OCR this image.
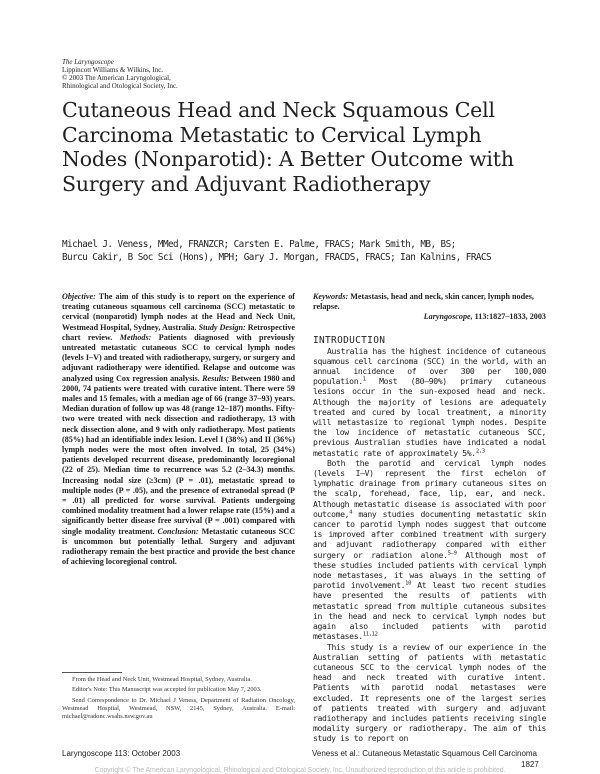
The Laryngoscope
Lippincott Williams & Wilkins, Inc.
© 2003 The American Laryngological,
Rhinological and Otological Society, Inc.
Cutaneous Head and Neck Squamous Cell
Carcinoma Metastatic to Cervical Lymph
Nodes (Nonparotid): A Better Outcome with
Surgery and Adjuvant Radiotherapy
Michael J. Veness, MMed, FRANZCR; Carsten E. Palme, FRACS; Mark Smith, MB, BS;
Burcu Cakir, B Soc Sci (Hons), MPH; Gary J. Morgan, FRACDS, FRACS; Ian Kalnins, FRACS
Objective: The aim of this study is to report on the experience of treating cutaneous squamous cell carcinoma (SCC) metastatic to cervical (nonparotid) lymph nodes at the Head and Neck Unit, Westmead Hospital, Sydney, Australia. Study Design: Retrospective chart review. Methods: Patients diagnosed with previously untreated metastatic cutaneous SCC to cervical lymph nodes (levels I–V) and treated with radiotherapy, surgery, or surgery and adjuvant radiotherapy were identified. Relapse and outcome was analyzed using Cox regression analysis. Results: Between 1980 and 2000, 74 patients were treated with curative intent. There were 59 males and 15 females, with a median age of 66 (range 37–93) years. Median duration of follow up was 48 (range 12–187) months. Fifty-two were treated with neck dissection and radiotherapy, 13 with neck dissection alone, and 9 with only radiotherapy. Most patients (85%) had an identifiable index lesion. Level I (38%) and II (36%) lymph nodes were the most often involved. In total, 25 (34%) patients developed recurrent disease, predominantly locoregional (22 of 25). Median time to recurrence was 5.2 (2–34.3) months. Increasing nodal size (≥3cm) (P = .01), metastatic spread to multiple nodes (P = .05), and the presence of extranodal spread (P = .01) all predicted for worse survival. Patients undergoing combined modality treatment had a lower relapse rate (15%) and a significantly better disease free survival (P = .001) compared with single modality treatment. Conclusion: Metastatic cutaneous SCC is uncommon but potentially lethal. Surgery and adjuvant radiotherapy remain the best practice and provide the best chance of achieving locoregional control.

From the Head and Neck Unit, Westmead Hospital, Sydney, Australia.

Editor's Note: This Manuscript was accepted for publication May 7, 2003.

Send Correspondence to Dr. Michael J Veness, Department of Radiation Oncology, Westmead Hospital, Westmead, NSW, 2145, Sydney, Australia. E-mail: michael@radonc.wsahs.nsw.gov.au

Keywords: Metastasis, head and neck, skin cancer, lymph nodes, relapse.
Laryngoscope, 113:1827–1833, 2003
INTRODUCTION

Australia has the highest incidence of cutaneous squamous cell carcinoma (SCC) in the world, with an annual incidence of over 300 per 100,000 population.$^1$ Most (80–90%) primary cutaneous lesions occur in the sun-exposed head and neck. Although the majority of lesions are adequately treated and cured by local treatment, a minority will metastasize to regional lymph nodes. Despite the low incidence of metastatic cutaneous SCC, previous Australian studies have indicated a nodal metastatic rate of approximately 5%.$^{2,3}$

Both the parotid and cervical lymph nodes (levels I–V) represent the first echelon of lymphatic drainage from primary cutaneous sites on the scalp, forehead, face, lip, ear, and neck. Although metastatic disease is associated with poor outcome,$^4$ many studies documenting metastatic skin cancer to parotid lymph nodes suggest that outcome is improved after combined treatment with surgery and adjuvant radiotherapy compared with either surgery or radiation alone.$^{5-9}$ Although most of these studies included patients with cervical lymph node metastases, it was always in the setting of parotid involvement.$^{10}$ At least two recent studies have presented the results of patients with metastatic spread from multiple cutaneous subsites in the head and neck to cervical lymph nodes but again also included patients with parotid metastases.$^{11,12}$

This study is a review of our experience in the Australian setting of patients with metastatic cutaneous SCC to the cervical lymph nodes of the head and neck treated with curative intent. Patients with parotid nodal metastases were excluded. It represents one of the largest series of patients treated with surgery and adjuvant radiotherapy and includes patients receiving single modality surgery or radiotherapy. The aim of this study is to report on

Laryngoscope 113: October 2003	Veness et al.: Cutaneous Metastatic Squamous Cell Carcinoma
1827
Copyright © The American Laryngological, Rhinological and Otological Society, Inc. Unauthorized reproduction of this article is prohibited.
